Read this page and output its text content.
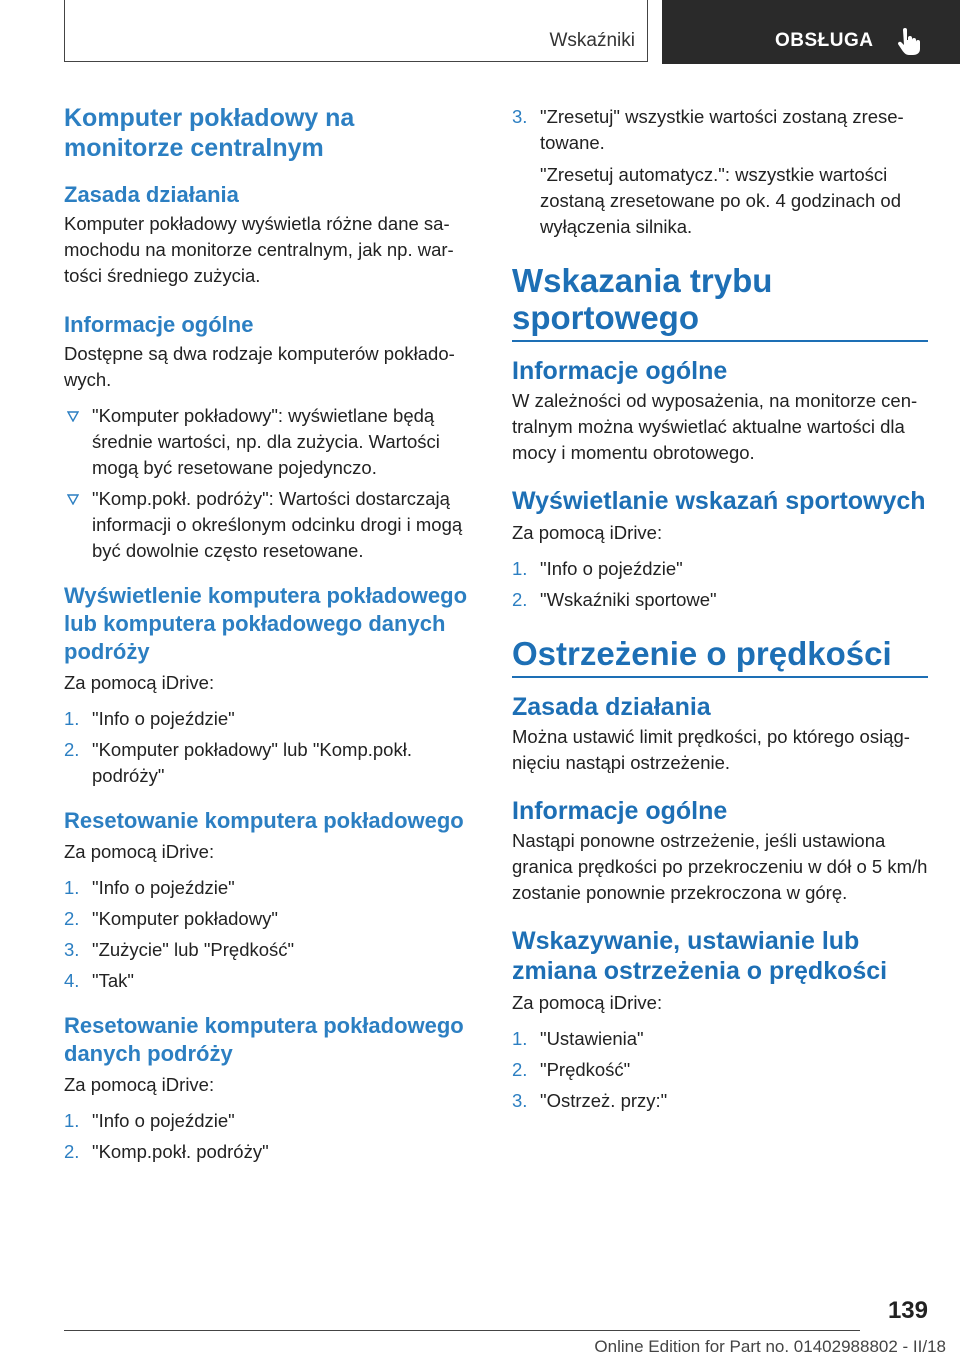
Wskaźniki	OBSŁUGA
Komputer pokładowy na monitorze centralnym
Zasada działania

Komputer pokładowy wyświetla różne dane sa-mochodu na monitorze centralnym, jak np. war-tości średniego zużycia.

Informacje ogólne

Dostępne są dwa rodzaje komputerów pokłado-wych.

"Komputer pokładowy": wyświetlane będą średnie wartości, np. dla zużycia. Wartości mogą być resetowane pojedynczo.
"Komp.pokł. podróży": Wartości dostarczają informacji o określonym odcinku drogi i mogą być dowolnie często resetowane.
Wyświetlenie komputera pokładowego lub komputera pokładowego danych podróży

Za pomocą iDrive:

1. "Info o pojeździe"
2. "Komputer pokładowy" lub "Komp.pokł. podróży"
Resetowanie komputera pokładowego

Za pomocą iDrive:

1. "Info o pojeździe"
2. "Komputer pokładowy"
3. "Zużycie" lub "Prędkość"
4. "Tak"
Resetowanie komputera pokładowego danych podróży

Za pomocą iDrive:

1. "Info o pojeździe"
2. "Komp.pokł. podróży"
3. "Zresetuj" wszystkie wartości zostaną zrese-towane.
"Zresetuj automatycz.": wszystkie wartości zostaną zresetowane po ok. 4 godzinach od wyłączenia silnika.
Wskazania trybu sportowego
Informacje ogólne

W zależności od wyposażenia, na monitorze cen-tralnym można wyświetlać aktualne wartości dla mocy i momentu obrotowego.

Wyświetlanie wskazań sportowych

Za pomocą iDrive:

1. "Info o pojeździe"
2. "Wskaźniki sportowe"
Ostrzeżenie o prędkości
Zasada działania

Można ustawić limit prędkości, po którego osiąg-nięciu nastąpi ostrzeżenie.

Informacje ogólne

Nastąpi ponowne ostrzeżenie, jeśli ustawiona granica prędkości po przekroczeniu w dół o 5 km/h zostanie ponownie przekroczona w górę.

Wskazywanie, ustawianie lub zmiana ostrzeżenia o prędkości

Za pomocą iDrive:

1. "Ustawienia"
2. "Prędkość"
3. "Ostrzeż. przy:"
139
Online Edition for Part no. 01402988802 - II/18
